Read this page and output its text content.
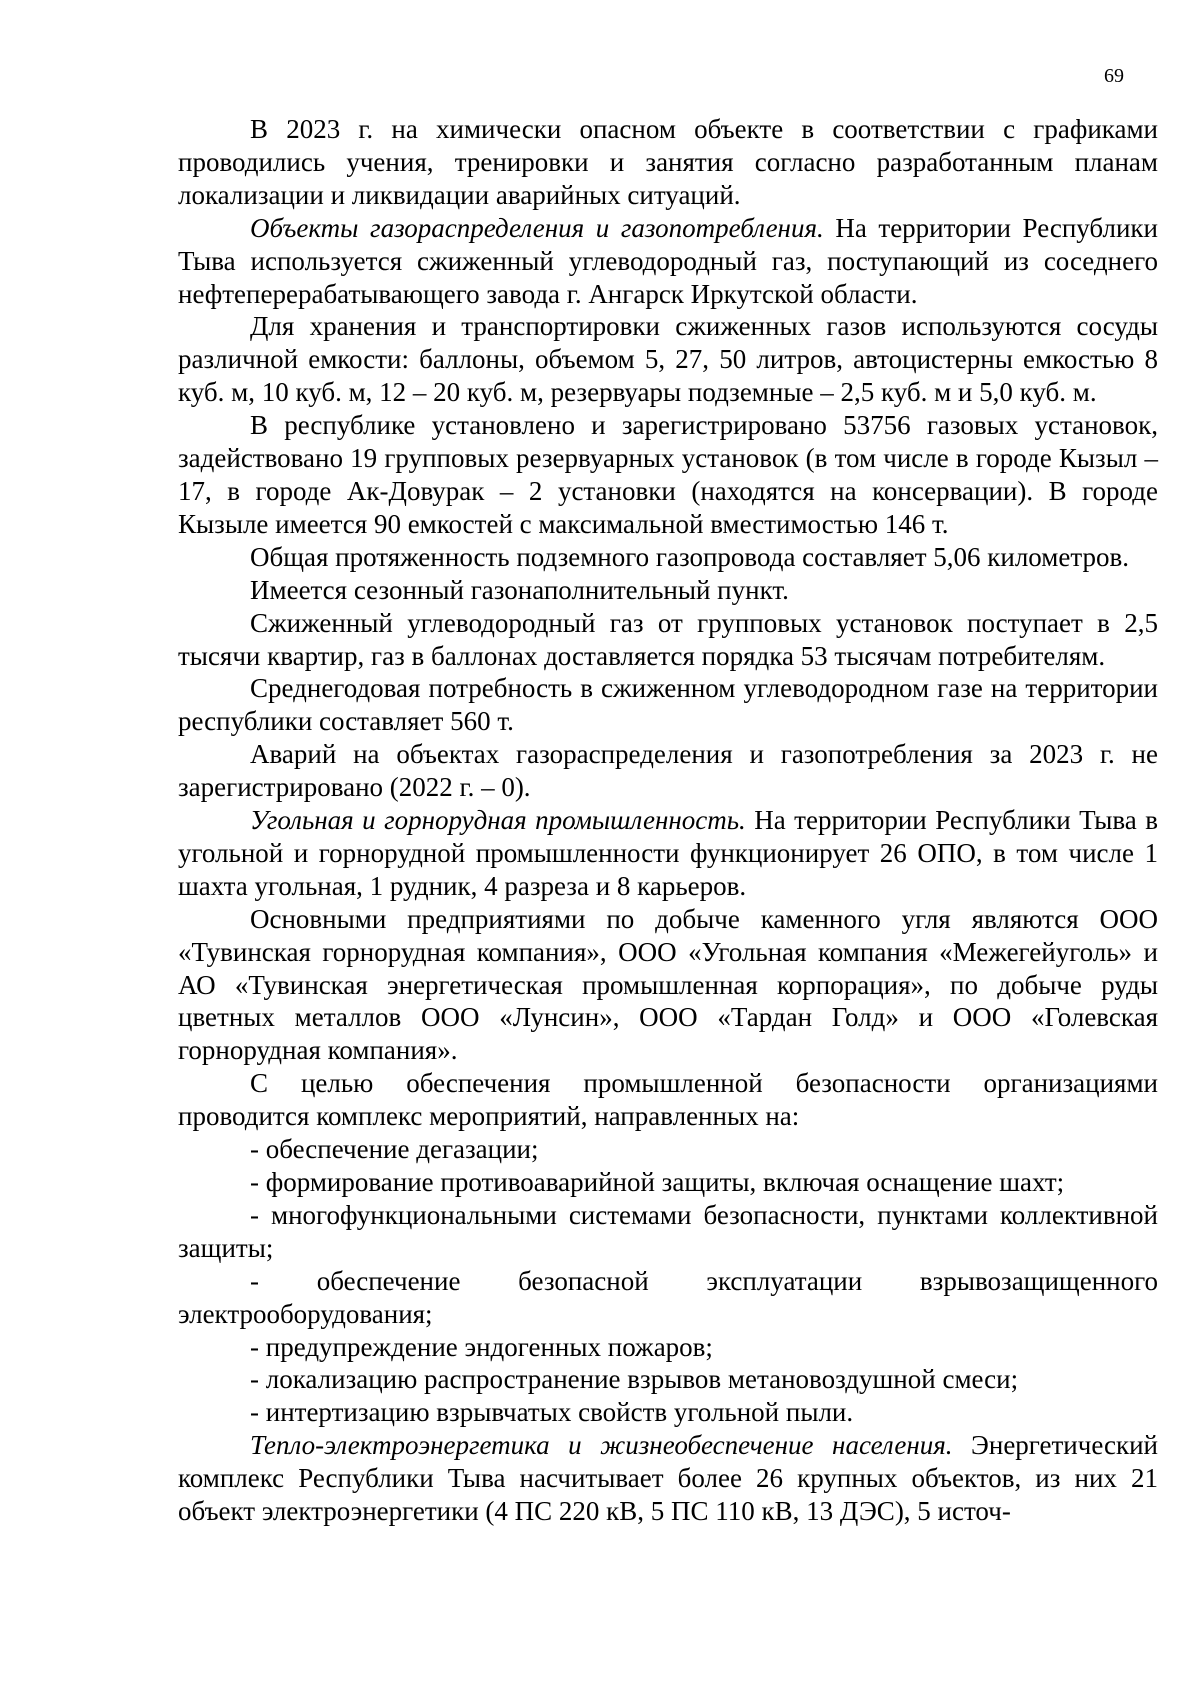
69

В 2023 г. на химически опасном объекте в соответствии с графиками проводились учения, тренировки и занятия согласно разработанным планам локализации и ликвидации аварийных ситуаций.

Объекты газораспределения и газопотребления. На территории Республики Тыва используется сжиженный углеводородный газ, поступающий из соседнего нефтеперерабатывающего завода г. Ангарск Иркутской области.

Для хранения и транспортировки сжиженных газов используются сосуды различной емкости: баллоны, объемом 5, 27, 50 литров, автоцистерны емкостью 8 куб. м, 10 куб. м, 12 – 20 куб. м, резервуары подземные – 2,5 куб. м и 5,0 куб. м.

В республике установлено и зарегистрировано 53756 газовых установок, задействовано 19 групповых резервуарных установок (в том числе в городе Кызыл – 17, в городе Ак-Довурак – 2 установки (находятся на консервации). В городе Кызыле имеется 90 емкостей с максимальной вместимостью 146 т.

Общая протяженность подземного газопровода составляет 5,06 километров.

Имеется сезонный газонаполнительный пункт.

Сжиженный углеводородный газ от групповых установок поступает в 2,5 тысячи квартир, газ в баллонах доставляется порядка 53 тысячам потребителям.

Среднегодовая потребность в сжиженном углеводородном газе на территории республики составляет 560 т.

Аварий на объектах газораспределения и газопотребления за 2023 г. не зарегистрировано (2022 г. – 0).

Угольная и горнорудная промышленность. На территории Республики Тыва в угольной и горнорудной промышленности функционирует 26 ОПО, в том числе 1 шахта угольная, 1 рудник, 4 разреза и 8 карьеров.

Основными предприятиями по добыче каменного угля являются ООО «Тувинская горнорудная компания», ООО «Угольная компания «Межегейуголь» и АО «Тувинская энергетическая промышленная корпорация», по добыче руды цветных металлов ООО «Лунсин», ООО «Тардан Голд» и ООО «Голевская горнорудная компания».

С целью обеспечения промышленной безопасности организациями проводится комплекс мероприятий, направленных на:

- обеспечение дегазации;

- формирование противоаварийной защиты, включая оснащение шахт;

- многофункциональными системами безопасности, пунктами коллективной защиты;

- обеспечение безопасной эксплуатации взрывозащищенного электрооборудования;

- предупреждение эндогенных пожаров;

- локализацию распространение взрывов метановоздушной смеси;

- интертизацию взрывчатых свойств угольной пыли.

Тепло-электроэнергетика и жизнеобеспечение населения. Энергетический комплекс Республики Тыва насчитывает более 26 крупных объектов, из них 21 объект электроэнергетики (4 ПС 220 кВ, 5 ПС 110 кВ, 13 ДЭС), 5 источ-
